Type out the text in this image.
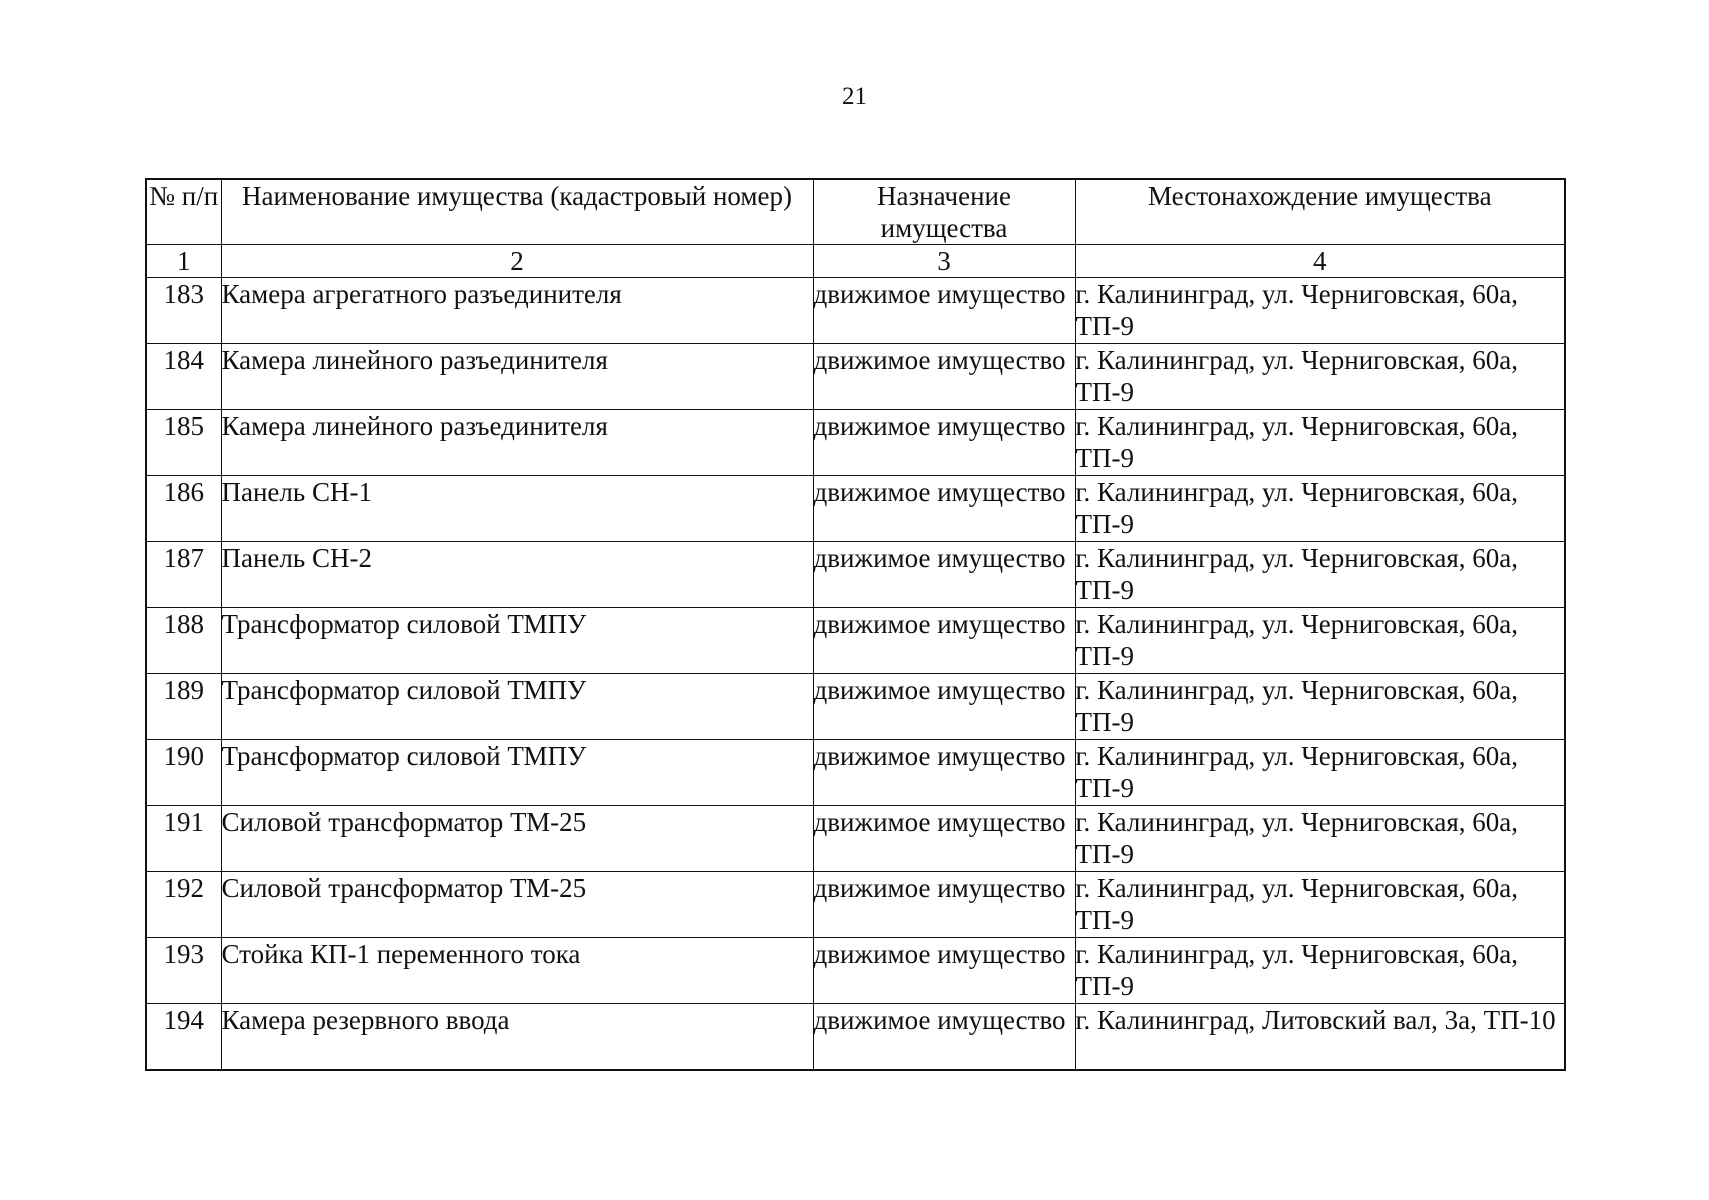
21
№ п/п	Наименование имущества (кадастровый номер)	Назначение имущества	Местонахождение имущества
1	2	3	4
183	Камера агрегатного разъединителя	движимое имущество	г. Калининград, ул. Черниговская, 60а, ТП-9
184	Камера линейного разъединителя	движимое имущество	г. Калининград, ул. Черниговская, 60а, ТП-9
185	Камера линейного разъединителя	движимое имущество	г. Калининград, ул. Черниговская, 60а, ТП-9
186	Панель СН-1	движимое имущество	г. Калининград, ул. Черниговская, 60а, ТП-9
187	Панель СН-2	движимое имущество	г. Калининград, ул. Черниговская, 60а, ТП-9
188	Трансформатор силовой ТМПУ	движимое имущество	г. Калининград, ул. Черниговская, 60а, ТП-9
189	Трансформатор силовой ТМПУ	движимое имущество	г. Калининград, ул. Черниговская, 60а, ТП-9
190	Трансформатор силовой ТМПУ	движимое имущество	г. Калининград, ул. Черниговская, 60а, ТП-9
191	Силовой трансформатор ТМ-25	движимое имущество	г. Калининград, ул. Черниговская, 60а, ТП-9
192	Силовой трансформатор ТМ-25	движимое имущество	г. Калининград, ул. Черниговская, 60а, ТП-9
193	Стойка КП-1 переменного тока	движимое имущество	г. Калининград, ул. Черниговская, 60а, ТП-9
194	Камера резервного ввода	движимое имущество	г. Калининград, Литовский вал, 3а, ТП-10
